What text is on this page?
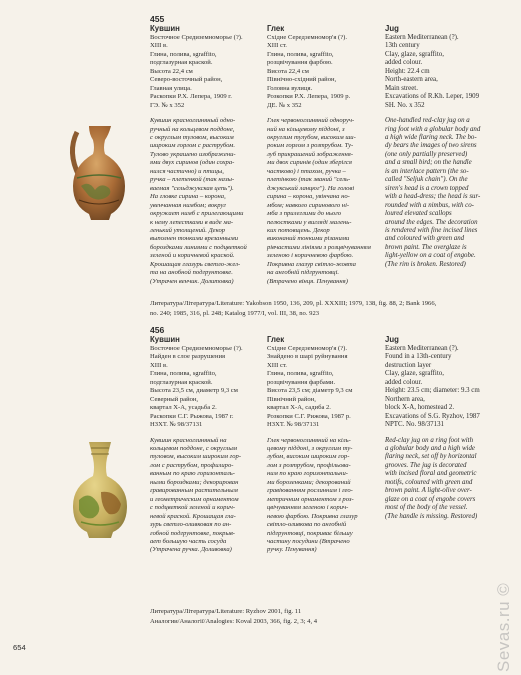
455
Кувшин
Восточное Средиземноморье (?).
XIII в.
Глина, полива, sgraffito,
подглазурная краской.
Высота 22,4 см
Северо-восточный район,
Главная улица.
Раскопки Р.Х. Лепера, 1909 г.
ГЭ. № х 352
Кувшин красноглиняный одно-
ручный на кольцевом поддоне,
с округлым туловом, высоким
широким горлом с раструбом.
Тулово украшено изображени-
ями двух сиринов (один сохра-
нился частично) и птицы,
ручка – плетенкой (так назы-
ваемая "сельджукская цепь").
На гловке сирина – корона,
увенчанная нимбом; вокруг
окружает нимб с прилегающими
к нему лепестками в виде ма-
ленький утолщений. Декор
выполнен тонкими врезанными
бороздками линиями с подцветкой
зеленой и коричневой краской.
Крошащая глазурь светло-жел-
та на анобной подгрунтовке.
(Утрачен венчик. Долитовка)
Глек
Східне Середземномор'я (?).
XIII ст.
Глина, полива, sgraffito,
розцвічування фарбою.
Висота 22,4 см
Північно-східний район,
Головна вулиця.
Розкопки Р.Х. Лепера, 1909 р.
ДЕ. № х 352
Глек червоноглиняний одноруч-
ний на кільцевому піддоні, з
округлим тулубом, високим ши-
роким горлом з розтрубом. Ту-
луб прикрашений зображення-
ми двох сиринів (один зберігся
частково) і птахом, ручка –
плетінкою (так званий "сель-
джукський ланцюг"). На голові
сирина – корона, увінчана но-
мбом; навколо сиринового ні-
мба з прилеглими до нього
пелюстками у вигляді малень-
ких потовщень. Декор
виконаний тонкими різаними
рівчастими лініями з розцвічуванням
зеленою і коричневою фарбою.
Покривна глазур світло-жовта
на ангобній підгрунтовці.
(Втрачено вінця. Пгнування)
Jug
Eastern Mediterranean (?).
13th century
Clay, glaze, sgraffito,
added colour.
Height: 22.4 cm
North-eastern area,
Main street.
Excavations of R.Kh. Leper, 1909
SH. No. x 352
One-handled red-clay jug on a
ring foot with a globular body and
a high wide flaring neck. The bo-
dy bears the images of two sirens
(one only partially preserved)
and a small bird; on the handle
is an interlace pattern (the so-
called "Seljuk chain"). On the
siren's head is a crown topped
with a head-dress; the head is sur-
rounded with a nimbus, with co-
loured elevated scallops
around the edges. The decoration
is rendered with fine incised lines
and coloured with green and
brown paint. The overglaze is
light-yellow on a coat of engobe.
(The rim is broken. Restored)
Литература/Література/Literature: Yakobson 1950, 136, 209, pl. XXXIII; 1979, 138, fig. 88, 2; Bank 1966,
no. 240; 1985, 316, pl. 248; Katalog 1977/I, vol. III, 38, no. 923
456
Кувшин
Восточное Средиземноморье (?).
Найден в слое разрушения
XIII в.
Глина, полива, sgraffito,
подглазурная краской.
Высота 23,5 см, диаметр 9,3 см
Северный район,
квартал Х-А, усадьба 2.
Раскопки С.Г. Рыжова, 1987 г.
НЗХТ. № 98/37131
Кувшин красноглиняный на
кольцевом поддоне, с округлым
туловом, высоким широким гор-
лом с раструбом, профилиро-
ванным по краю горизонталь-
ными бороздками; декорирован
гравированным растительным
и геометрическим орнаментом
с подцветкой зеленой и корич-
невой краской. Крошащая гла-
зурь светло-оливковая по ан-
гобной подгрунтовке, покрыв-
ает большую часть сосуда
(Утрачена ручка. Доливовка)
Глек
Східне Середземномор'я (?).
Знайдено в шарі руйнування
XIII ст.
Глина, полива, sgraffito,
розцвічування фарбами.
Висота 23,5 см; діаметр 9,3 см
Північний район,
квартал Х-А, садиба 2.
Розкопки С.Г. Рижова, 1987 р.
НЗХТ. № 98/37131
Глек червоноглиняний на кіль-
цевому піддоні, з округлим ту-
лубом, високим широким гор-
лом з розтрубом, профільова-
ним по краю горизонтальни-
ми борозенками; декорований
гравіюванням рослинним і гео-
метричним орнаментом з роз-
цвічуванням зеленою і корич-
невою фарбою. Покривна глазур
світло-оливкова по ангобній
підгрунтовці, покриває більшу
частину посудини (Втрачено
ручку. Пгнування)
Jug
Eastern Mediterranean (?).
Found in a 13th-century
destruction layer
Clay, glaze, sgraffito,
added colour.
Height: 23.5 cm; diameter: 9.3 cm
Northern area,
block X-A, homestead 2.
Excavations of S.G. Ryzhov, 1987
NPTC. No. 98/37131
Red-clay jug on a ring foot with
a globular body and a high wide
flaring neck, set off by horizontal
grooves. The jug is decorated
with incised floral and geometric
motifs, coloured with green and
brown paint. A light-olive over-
glaze on a coat of engobe covers
most of the body of the vessel.
(The handle is missing. Restored)
Литература/Література/Literature: Ryzhov 2001, fig. 11
Аналогии/Аналогії/Analogies: Koval 2003, 366, fig. 2, 3; 4, 4
654	Sevas.ru ©
